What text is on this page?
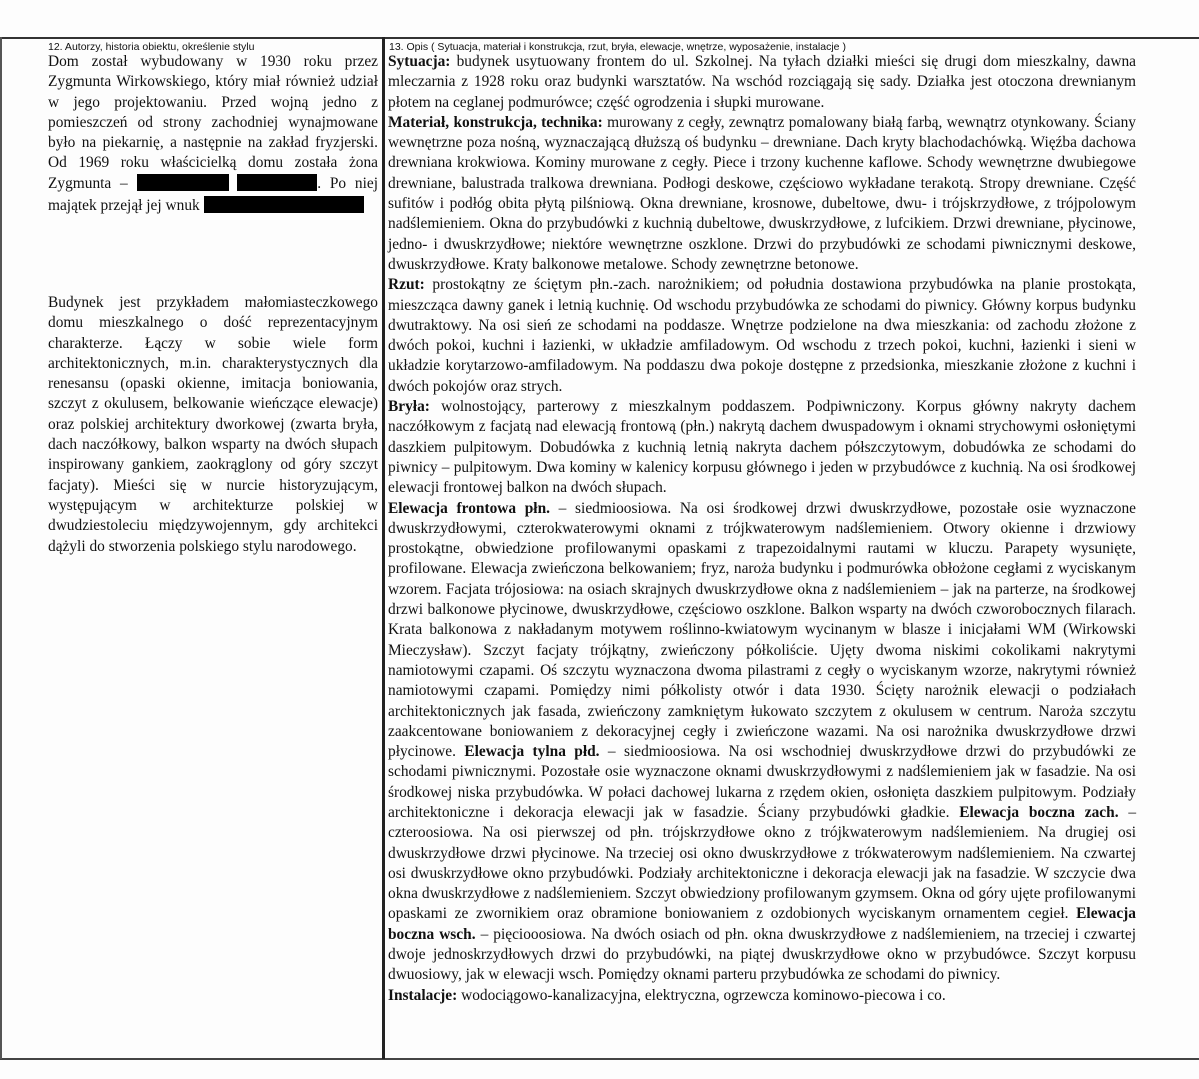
12. Autorzy, historia obiektu, określenie stylu	13. Opis ( Sytuacja, materiał i konstrukcja, rzut, bryła, elewacje, wnętrze, wyposażenie, instalacje )
Dom został wybudowany w 1930 roku przez Zygmunta Wirkowskiego, który miał również udział w jego projektowaniu. Przed wojną jedno z pomieszczeń od strony zachodniej wynajmowane było na piekarnię, a następnie na zakład fryzjerski. Od 1969 roku właścicielką domu została żona Zygmunta –	. Po niej majątek przejął jej wnuk
Budynek jest przykładem małomiasteczkowego domu mieszkalnego o dość reprezentacyjnym charakterze. Łączy w sobie wiele form architektonicznych, m.in. charakterystycznych dla renesansu (opaski okienne, imitacja boniowania, szczyt z okulusem, belkowanie wieńczące elewacje) oraz polskiej architektury dworkowej (zwarta bryła, dach naczółkowy, balkon wsparty na dwóch słupach inspirowany gankiem, zaokrąglony od góry szczyt facjaty). Mieści się w nurcie historyzującym, występującym w architekturze polskiej w dwudziestoleciu międzywojennym, gdy architekci dążyli do stworzenia polskiego stylu narodowego.

Sytuacja: budynek usytuowany frontem do ul. Szkolnej. Na tyłach działki mieści się drugi dom mieszkalny, dawna mleczarnia z 1928 roku oraz budynki warsztatów. Na wschód rozciągają się sady. Działka jest otoczona drewnianym płotem na ceglanej podmurówce; część ogrodzenia i słupki murowane.

Materiał, konstrukcja, technika: murowany z cegły, zewnątrz pomalowany białą farbą, wewnątrz otynkowany. Ściany wewnętrzne poza nośną, wyznaczającą dłuższą oś budynku – drewniane. Dach kryty blachodachówką. Więźba dachowa drewniana krokwiowa. Kominy murowane z cegły. Piece i trzony kuchenne kaflowe. Schody wewnętrzne dwubiegowe drewniane, balustrada tralkowa drewniana. Podłogi deskowe, częściowo wykładane terakotą. Stropy drewniane. Część sufitów i podłóg obita płytą pilśniową. Okna drewniane, krosnowe, dubeltowe, dwu- i trójskrzydłowe, z trójpolowym nadślemieniem. Okna do przybudówki z kuchnią dubeltowe, dwuskrzydłowe, z lufcikiem. Drzwi drewniane, płycinowe, jedno- i dwuskrzydłowe; niektóre wewnętrzne oszklone. Drzwi do przybudówki ze schodami piwnicznymi deskowe, dwuskrzydłowe. Kraty balkonowe metalowe. Schody zewnętrzne betonowe.

Rzut: prostokątny ze ściętym płn.-zach. narożnikiem; od południa dostawiona przybudówka na planie prostokąta, mieszcząca dawny ganek i letnią kuchnię. Od wschodu przybudówka ze schodami do piwnicy. Główny korpus budynku dwutraktowy. Na osi sień ze schodami na poddasze. Wnętrze podzielone na dwa mieszkania: od zachodu złożone z dwóch pokoi, kuchni i łazienki, w układzie amfiladowym. Od wschodu z trzech pokoi, kuchni, łazienki i sieni w układzie korytarzowo-amfiladowym. Na poddaszu dwa pokoje dostępne z przedsionka, mieszkanie złożone z kuchni i dwóch pokojów oraz strych.

Bryła: wolnostojący, parterowy z mieszkalnym poddaszem. Podpiwniczony. Korpus główny nakryty dachem naczółkowym z facjatą nad elewacją frontową (płn.) nakrytą dachem dwuspadowym i oknami strychowymi osłoniętymi daszkiem pulpitowym. Dobudówka z kuchnią letnią nakryta dachem półszczytowym, dobudówka ze schodami do piwnicy – pulpitowym. Dwa kominy w kalenicy korpusu głównego i jeden w przybudówce z kuchnią. Na osi środkowej elewacji frontowej balkon na dwóch słupach.

Elewacja frontowa płn. – siedmioosiowa. Na osi środkowej drzwi dwuskrzydłowe, pozostałe osie wyznaczone dwuskrzydłowymi, czterokwaterowymi oknami z trójkwaterowym nadślemieniem. Otwory okienne i drzwiowy prostokątne, obwiedzione profilowanymi opaskami z trapezoidalnymi rautami w kluczu. Parapety wysunięte, profilowane. Elewacja zwieńczona belkowaniem; fryz, naroża budynku i podmurówka obłożone cegłami z wyciskanym wzorem. Facjata trójosiowa: na osiach skrajnych dwuskrzydłowe okna z nadślemieniem – jak na parterze, na środkowej drzwi balkonowe płycinowe, dwuskrzydłowe, częściowo oszklone. Balkon wsparty na dwóch czworobocznych filarach. Krata balkonowa z nakładanym motywem roślinno-kwiatowym wycinanym w blasze i inicjałami WM (Wirkowski Mieczysław). Szczyt facjaty trójkątny, zwieńczony półkoliście. Ujęty dwoma niskimi cokolikami nakrytymi namiotowymi czapami. Oś szczytu wyznaczona dwoma pilastrami z cegły o wyciskanym wzorze, nakrytymi również namiotowymi czapami. Pomiędzy nimi półkolisty otwór i data 1930. Ścięty narożnik elewacji o podziałach architektonicznych jak fasada, zwieńczony zamkniętym łukowato szczytem z okulusem w centrum. Naroża szczytu zaakcentowane boniowaniem z dekoracyjnej cegły i zwieńczone wazami. Na osi narożnika dwuskrzydłowe drzwi płycinowe. Elewacja tylna płd. – siedmioosiowa. Na osi wschodniej dwuskrzydłowe drzwi do przybudówki ze schodami piwnicznymi. Pozostałe osie wyznaczone oknami dwuskrzydłowymi z nadślemieniem jak w fasadzie. Na osi środkowej niska przybudówka. W połaci dachowej lukarna z rzędem okien, osłonięta daszkiem pulpitowym. Podziały architektoniczne i dekoracja elewacji jak w fasadzie. Ściany przybudówki gładkie. Elewacja boczna zach. – czteroosiowa. Na osi pierwszej od płn. trójskrzydłowe okno z trójkwaterowym nadślemieniem. Na drugiej osi dwuskrzydłowe drzwi płycinowe. Na trzeciej osi okno dwuskrzydłowe z trókwaterowym nadślemieniem. Na czwartej osi dwuskrzydłowe okno przybudówki. Podziały architektoniczne i dekoracja elewacji jak na fasadzie. W szczycie dwa okna dwuskrzydłowe z nadślemieniem. Szczyt obwiedziony profilowanym gzymsem. Okna od góry ujęte profilowanymi opaskami ze zwornikiem oraz obramione boniowaniem z ozdobionych wyciskanym ornamentem cegieł. Elewacja boczna wsch. – pięciooosiowa. Na dwóch osiach od płn. okna dwuskrzydłowe z nadślemieniem, na trzeciej i czwartej dwoje jednoskrzydłowych drzwi do przybudówki, na piątej dwuskrzydłowe okno w przybudówce. Szczyt korpusu dwuosiowy, jak w elewacji wsch. Pomiędzy oknami parteru przybudówka ze schodami do piwnicy.

Instalacje: wodociągowo-kanalizacyjna, elektryczna, ogrzewcza kominowo-piecowa i co.
